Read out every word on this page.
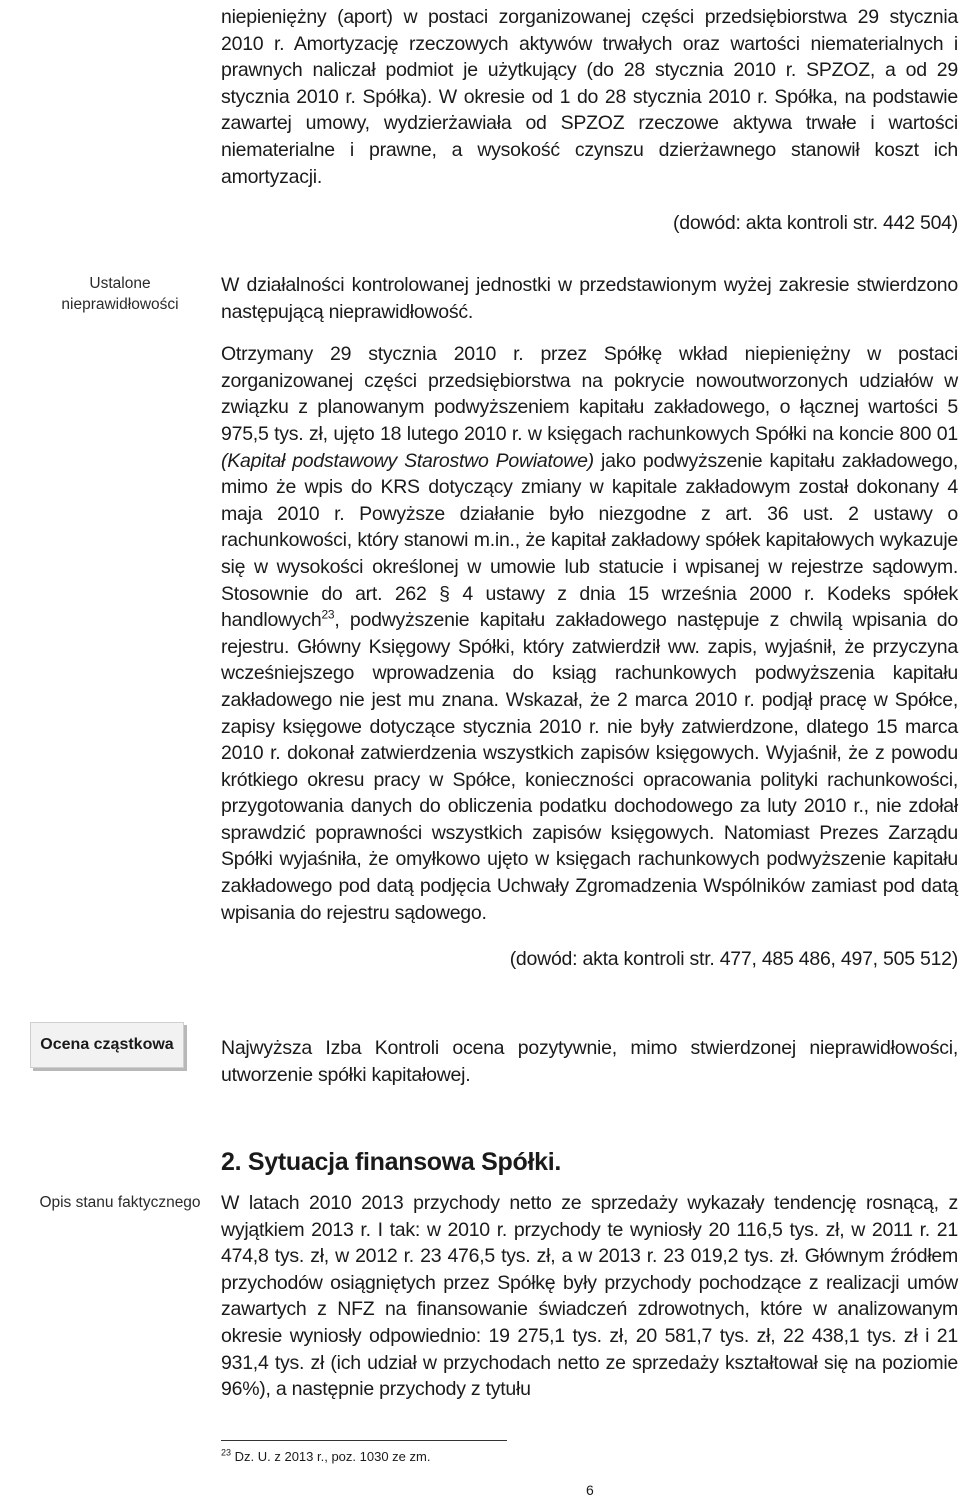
niepieniężny (aport) w postaci zorganizowanej części przedsiębiorstwa 29 stycznia 2010 r. Amortyzację rzeczowych aktywów trwałych oraz wartości niematerialnych i prawnych naliczał podmiot je użytkujący (do 28 stycznia 2010 r. SPZOZ, a od 29 stycznia 2010 r. Spółka). W okresie od 1 do 28 stycznia 2010 r. Spółka, na podstawie zawartej umowy, wydzierżawiała od SPZOZ rzeczowe aktywa trwałe i wartości niematerialne i prawne, a wysokość czynszu dzierżawnego stanowił koszt ich amortyzacji.

(dowód: akta kontroli str. 442 504)

Ustalone nieprawidłowości

W działalności kontrolowanej jednostki w przedstawionym wyżej zakresie stwierdzono następującą nieprawidłowość.

Otrzymany 29 stycznia 2010 r. przez Spółkę wkład niepieniężny w postaci zorganizowanej części przedsiębiorstwa na pokrycie nowoutworzonych udziałów w związku z planowanym podwyższeniem kapitału zakładowego, o łącznej wartości 5 975,5 tys. zł, ujęto 18 lutego 2010 r. w księgach rachunkowych Spółki na koncie 800 01 (Kapitał podstawowy Starostwo Powiatowe) jako podwyższenie kapitału zakładowego, mimo że wpis do KRS dotyczący zmiany w kapitale zakładowym został dokonany 4 maja 2010 r. Powyższe działanie było niezgodne z art. 36 ust. 2 ustawy o rachunkowości, który stanowi m.in., że kapitał zakładowy spółek kapitałowych wykazuje się w wysokości określonej w umowie lub statucie i wpisanej w rejestrze sądowym. Stosownie do art. 262 § 4 ustawy z dnia 15 września 2000 r. Kodeks spółek handlowych$^{23}$, podwyższenie kapitału zakładowego następuje z chwilą wpisania do rejestru. Główny Księgowy Spółki, który zatwierdził ww. zapis, wyjaśnił, że przyczyna wcześniejszego wprowadzenia do ksiąg rachunkowych podwyższenia kapitału zakładowego nie jest mu znana. Wskazał, że 2 marca 2010 r. podjął pracę w Spółce, zapisy księgowe dotyczące stycznia 2010 r. nie były zatwierdzone, dlatego 15 marca 2010 r. dokonał zatwierdzenia wszystkich zapisów księgowych. Wyjaśnił, że z powodu krótkiego okresu pracy w Spółce, konieczności opracowania polityki rachunkowości, przygotowania danych do obliczenia podatku dochodowego za luty 2010 r., nie zdołał sprawdzić poprawności wszystkich zapisów księgowych. Natomiast Prezes Zarządu Spółki wyjaśniła, że omyłkowo ujęto w księgach rachunkowych podwyższenie kapitału zakładowego pod datą podjęcia Uchwały Zgromadzenia Wspólników zamiast pod datą wpisania do rejestru sądowego.

(dowód: akta kontroli str. 477, 485 486, 497, 505 512)

Ocena cząstkowa	Najwyższa Izba Kontroli ocena pozytywnie, mimo stwierdzonej nieprawidłowości, utworzenie spółki kapitałowej.

2. Sytuacja finansowa Spółki.
Opis stanu faktycznego	W latach 2010 2013 przychody netto ze sprzedaży wykazały tendencję rosnącą, z wyjątkiem 2013 r. I tak: w 2010 r. przychody te wyniosły 20 116,5 tys. zł, w 2011 r. 21 474,8 tys. zł, w 2012 r. 23 476,5 tys. zł, a w 2013 r. 23 019,2 tys. zł. Głównym źródłem przychodów osiągniętych przez Spółkę były przychody pochodzące z realizacji umów zawartych z NFZ na finansowanie świadczeń zdrowotnych, które w analizowanym okresie wyniosły odpowiednio: 19 275,1 tys. zł, 20 581,7 tys. zł, 22 438,1 tys. zł i 21 931,4 tys. zł (ich udział w przychodach netto ze sprzedaży kształtował się na poziomie 96%), a następnie przychody z tytułu

$^{23}$ Dz. U. z 2013 r., poz. 1030 ze zm.
6
